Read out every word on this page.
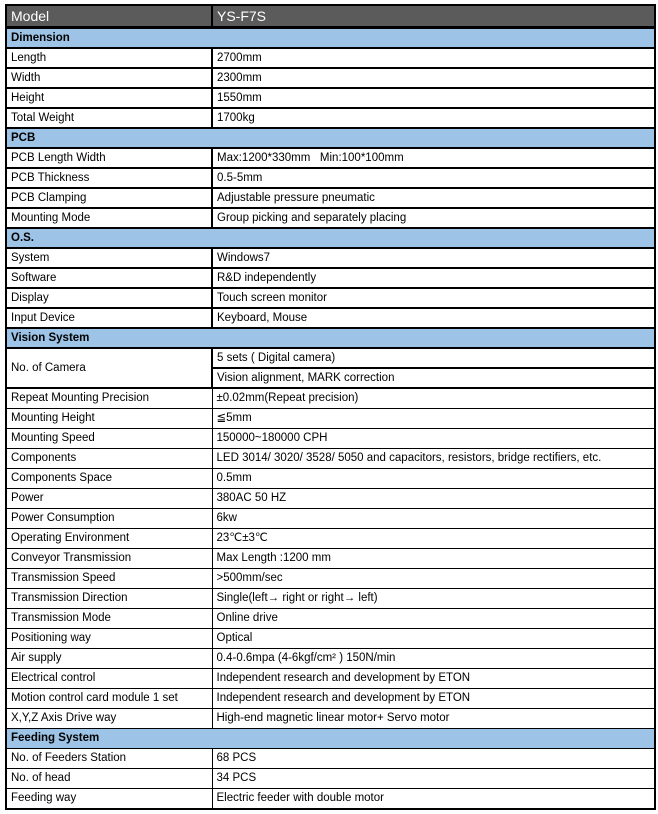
Model	YS-F7S
Dimension	
Length	2700mm
Width	2300mm
Height	1550mm
Total Weight	1700kg
PCB	
PCB Length Width	Max:1200*330mm   Min:100*100mm
PCB Thickness	0.5-5mm
PCB Clamping	Adjustable pressure pneumatic
Mounting Mode	Group picking and separately placing
O.S.	
System	Windows7
Software	R&D independently
Display	Touch screen monitor
Input Device	Keyboard, Mouse
Vision System	
No. of Camera	5 sets ( Digital camera)
	Vision alignment, MARK correction
Repeat Mounting Precision	±0.02mm(Repeat precision)
Mounting Height	≦5mm
Mounting Speed	150000~180000 CPH
Components	LED 3014/ 3020/ 3528/ 5050 and capacitors, resistors, bridge rectifiers, etc.
Components Space	0.5mm
Power	380AC 50 HZ
Power Consumption	6kw
Operating Environment	23℃±3℃
Conveyor Transmission	Max Length :1200 mm
Transmission Speed	>500mm/sec
Transmission Direction	Single(left→ right or right→ left)
Transmission Mode	Online drive
Positioning way	Optical
Air supply	0.4-0.6mpa (4-6kgf/cm² ) 150N/min
Electrical control	Independent research and development by ETON
Motion control card module 1 set	Independent research and development by ETON
X,Y,Z Axis Drive way	High-end magnetic linear motor+ Servo motor
Feeding System	
No. of Feeders Station	68 PCS
No. of head	34 PCS
Feeding way	Electric feeder with double motor
